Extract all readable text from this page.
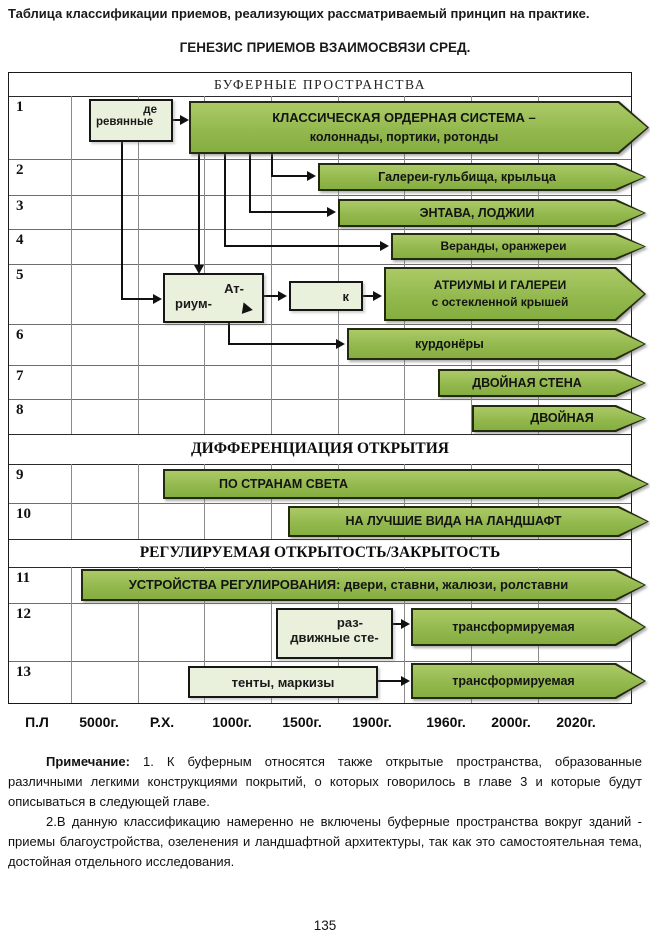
Таблица классификации приемов, реализующих рассматриваемый принцип на практике.
ГЕНЕЗИС ПРИЕМОВ ВЗАИМОСВЯЗИ СРЕД.
БУФЕРНЫЕ ПРОСТРАНСТВА
1
2
3
4
5
6
7
8
9
10
11
12
13
ДИФФЕРЕНЦИАЦИЯ ОТКРЫТИЯ
РЕГУЛИРУЕМАЯ ОТКРЫТОСТЬ/ЗАКРЫТОСТЬ
КЛАССИЧЕСКАЯ ОРДЕРНАЯ СИСТЕМА –
колоннады, портики, ротонды
Галереи-гульбища, крыльца
ЭНТАВА, ЛОДЖИИ
Веранды, оранжереи
АТРИУМЫ И ГАЛЕРЕИ
с остекленной крышей
курдонёры
ДВОЙНАЯ СТЕНА
ДВОЙНАЯ
ПО СТРАНАМ СВЕТА
НА ЛУЧШИЕ ВИДА НА ЛАНДШАФТ
УСТРОЙСТВА РЕГУЛИРОВАНИЯ: двери, ставни, жалюзи, ролставни
трансформируемая
трансформируемая
де
ревянные
Ат-
риум-	к
раз-
движные сте-
тенты, маркизы
П.Л 5000г. Р.Х.	1000г. 1500г. 1900г. 1960г. 2000г. 2020г.

Примечание: 1. К буферным относятся также открытые пространства, образованные различными легкими конструкциями покрытий, о которых говорилось в главе 3 и которые будут описываться в следующей главе.

2.В данную классификацию намеренно не включены буферные пространства вокруг зданий - приемы благоустройства, озеленения и ландшафтной архитектуры, так как это самостоятельная тема, достойная отдельного исследования.

135
